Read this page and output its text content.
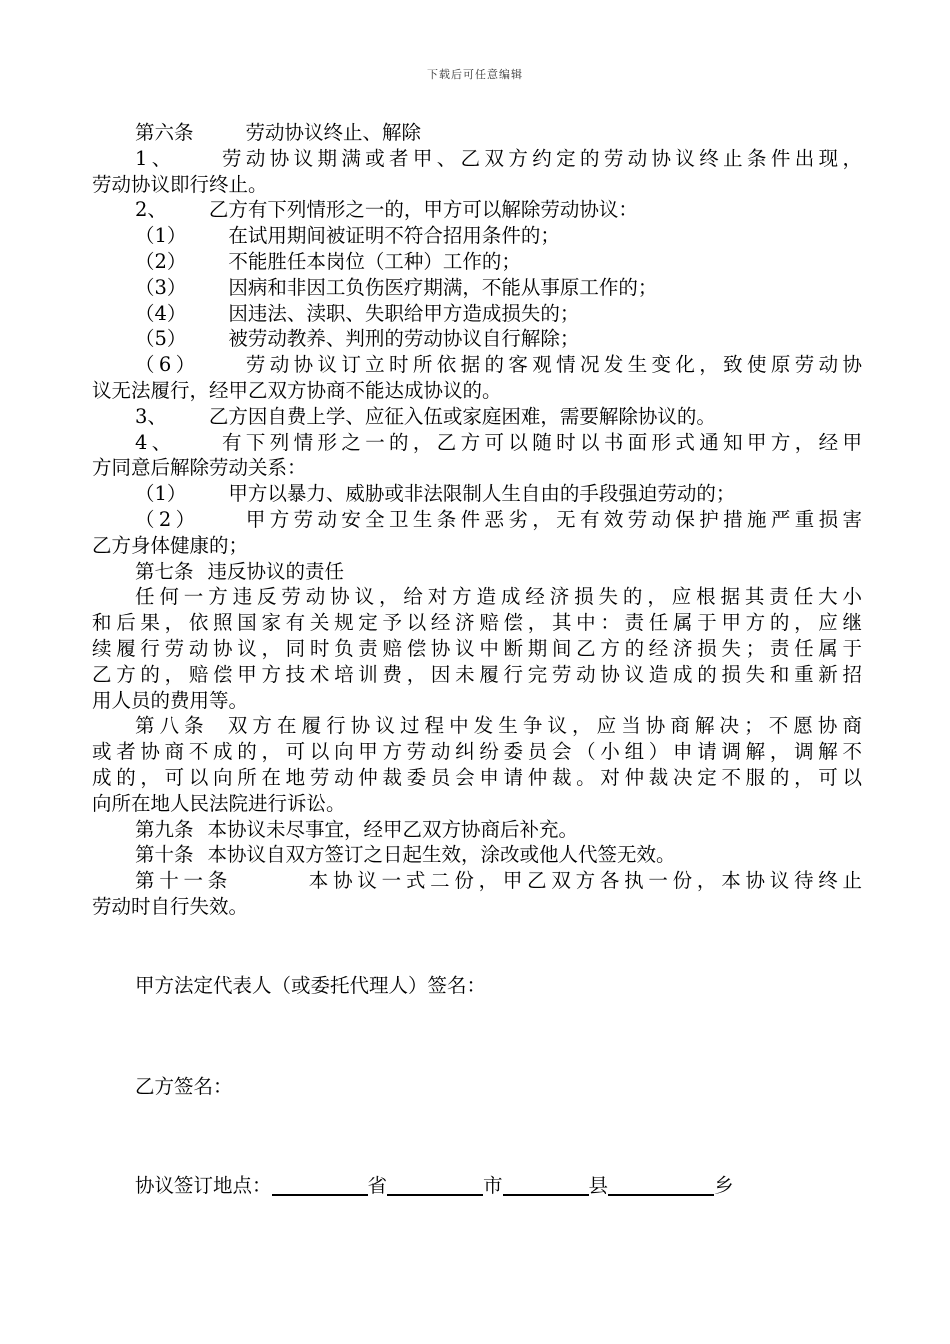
下载后可任意编辑
第六条	劳动协议终止、解除
1、 劳动协议期满或者甲、乙双方约定的劳动协议终止条件出现，
劳动协议即行终止。
2、 乙方有下列情形之一的，甲方可以解除劳动协议：
（1） 在试用期间被证明不符合招用条件的；
（2） 不能胜任本岗位（工种）工作的；
（3） 因病和非因工负伤医疗期满，不能从事原工作的；
（4） 因违法、渎职、失职给甲方造成损失的；
（5） 被劳动教养、判刑的劳动协议自行解除；
（6） 劳动协议订立时所依据的客观情况发生变化，致使原劳动协
议无法履行，经甲乙双方协商不能达成协议的。
3、 乙方因自费上学、应征入伍或家庭困难，需要解除协议的。
4、 有下列情形之一的，乙方可以随时以书面形式通知甲方，经甲
方同意后解除劳动关系：
（1） 甲方以暴力、威胁或非法限制人生自由的手段强迫劳动的；
（2） 甲方劳动安全卫生条件恶劣，无有效劳动保护措施严重损害
乙方身体健康的；
第七条 违反协议的责任
任何一方违反劳动协议，给对方造成经济损失的，应根据其责任大小
和后果，依照国家有关规定予以经济赔偿，其中：责任属于甲方的，应继
续履行劳动协议，同时负责赔偿协议中断期间乙方的经济损失；责任属于
乙方的，赔偿甲方技术培训费，因未履行完劳动协议造成的损失和重新招
用人员的费用等。
第八条 双方在履行协议过程中发生争议，应当协商解决；不愿协商
或者协商不成的，可以向甲方劳动纠纷委员会（小组）申请调解，调解不
成的，可以向所在地劳动仲裁委员会申请仲裁。对仲裁决定不服的，可以
向所在地人民法院进行诉讼。
第九条 本协议未尽事宜，经甲乙双方协商后补充。
第十条 本协议自双方签订之日起生效，涂改或他人代签无效。
第十一条	本协议一式二份，甲乙双方各执一份，本协议待终止
劳动时自行失效。
甲方法定代表人（或委托代理人）签名：
乙方签名：
协议签订地点：	省	市	县	乡
